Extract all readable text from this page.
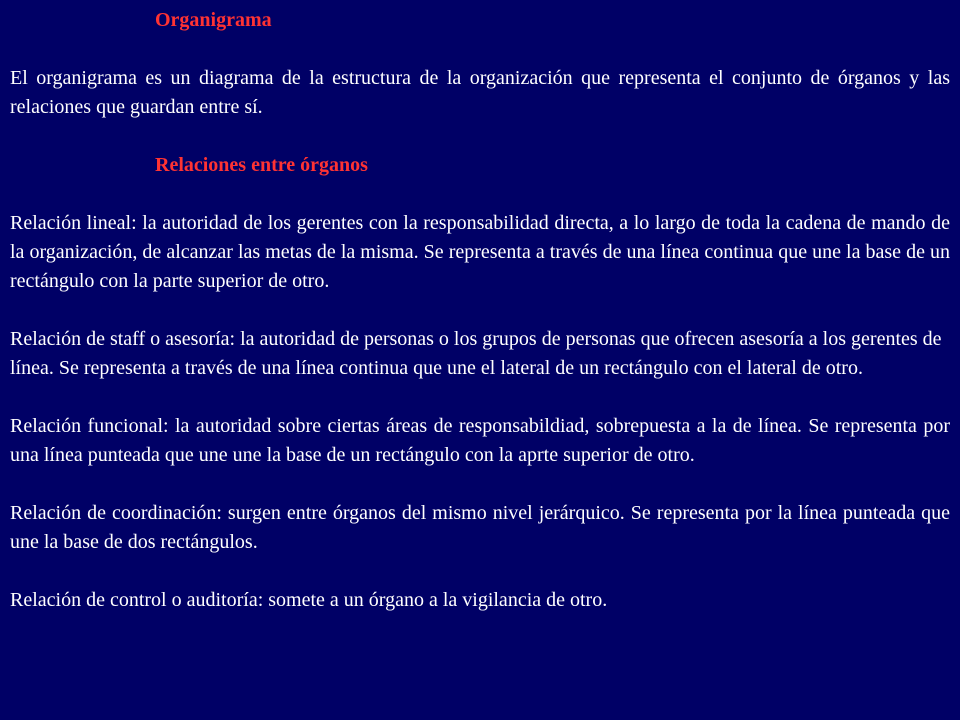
Organigrama

El organigrama es un diagrama de la estructura de la organización que representa el conjunto de órganos y las relaciones que guardan entre sí.

Relaciones entre órganos

Relación lineal: la autoridad de los gerentes con la responsabilidad directa, a lo largo de toda la cadena de mando de la organización, de alcanzar las metas de la misma. Se representa a través de una línea continua que une la base de un rectángulo con la parte superior de otro.

Relación de staff o asesoría: la autoridad de personas o los grupos de personas que ofrecen asesoría a los gerentes de línea. Se representa a través de una línea continua que une el lateral de un rectángulo con el lateral de otro.

Relación funcional: la autoridad sobre ciertas áreas de responsabildiad, sobrepuesta a la de línea. Se representa por una línea punteada que une une la base de un rectángulo con la aprte superior de otro.

Relación de coordinación: surgen entre órganos del mismo nivel jerárquico. Se representa por la línea punteada que une la base de dos rectángulos.

Relación de control o auditoría: somete a un órgano a la vigilancia de otro.
